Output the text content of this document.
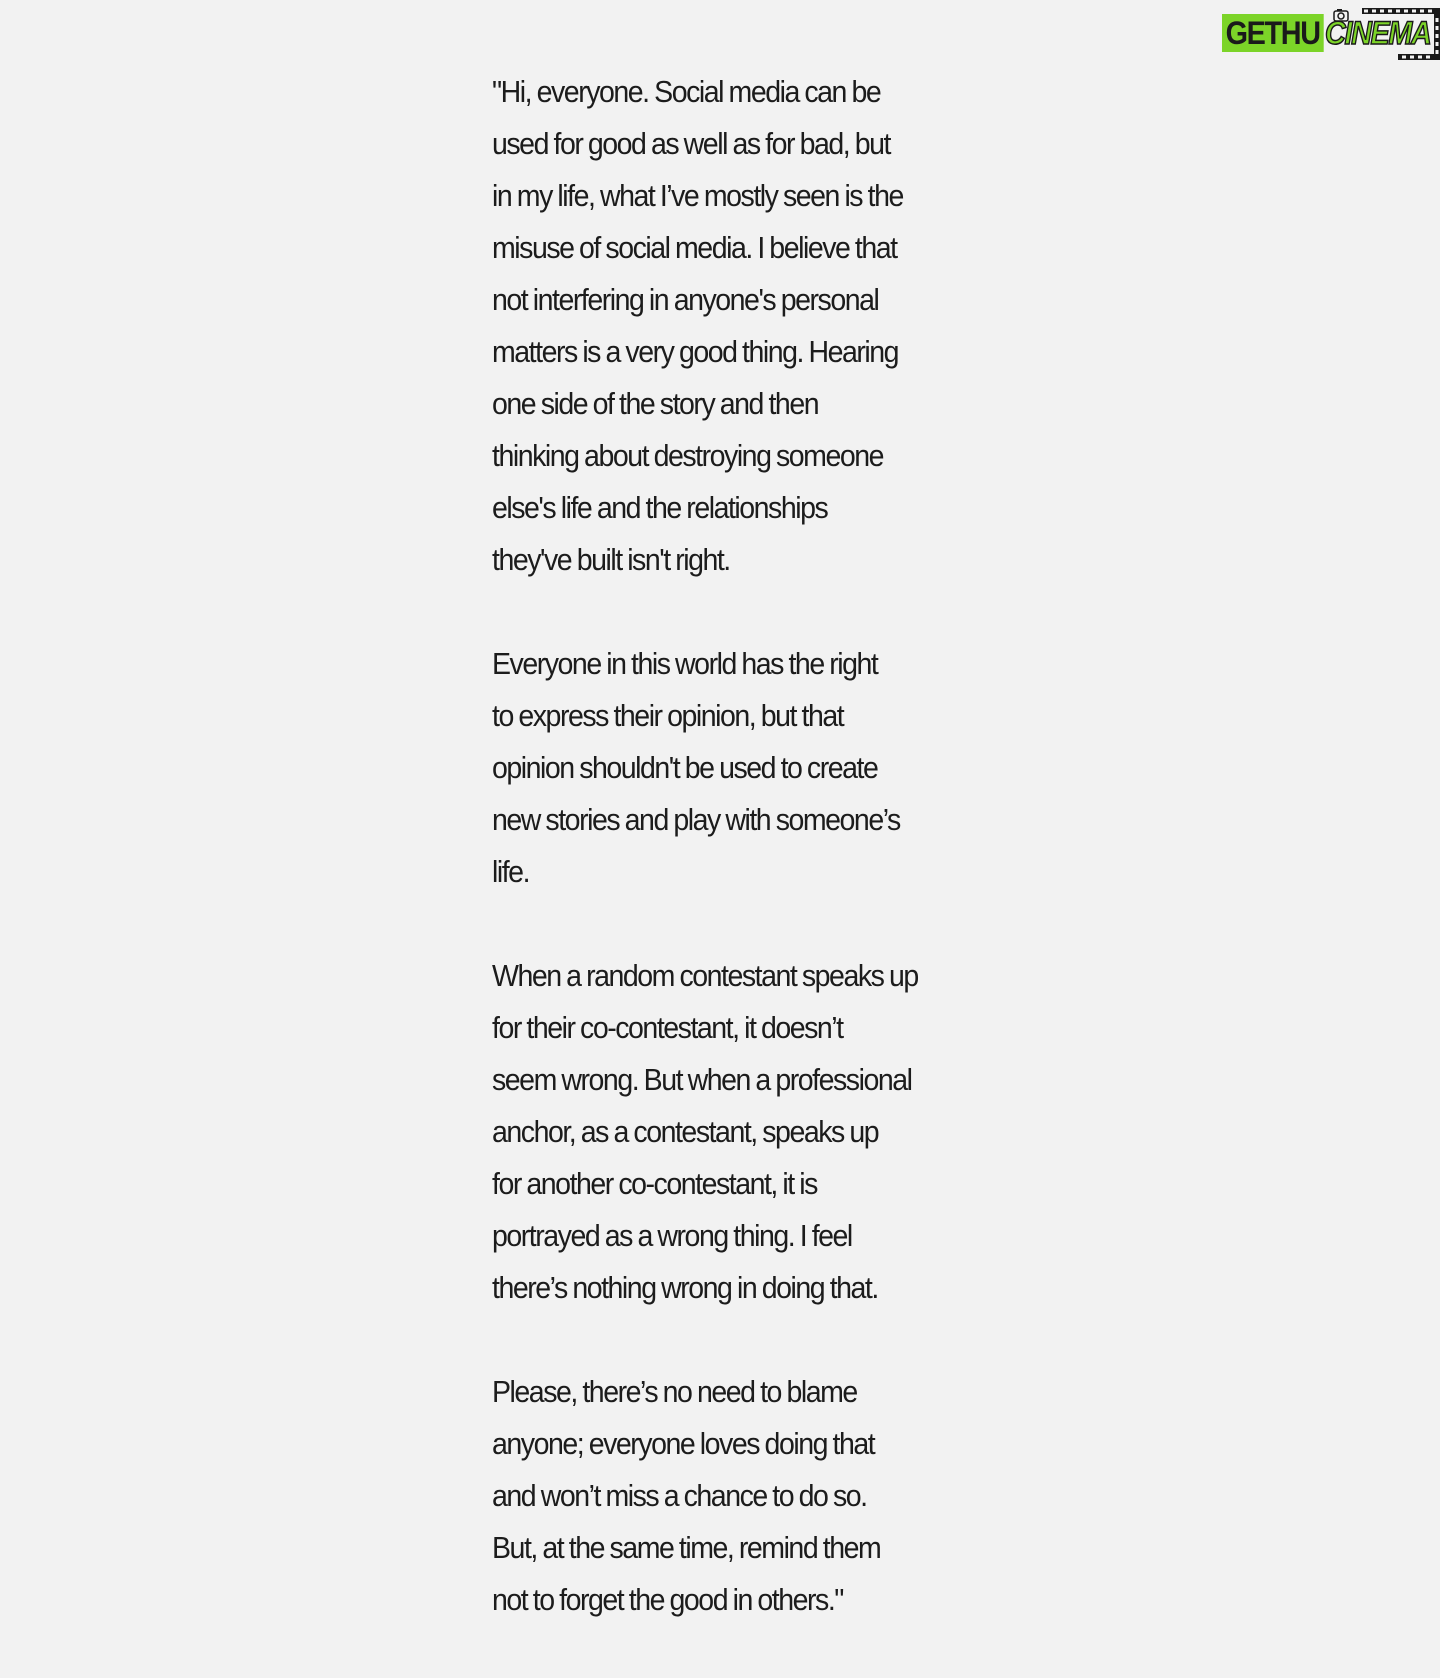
GETHU CINEMA

"Hi, everyone. Social media can be
used for good as well as for bad, but
in my life, what I’ve mostly seen is the
misuse of social media. I believe that
not interfering in anyone's personal
matters is a very good thing. Hearing
one side of the story and then
thinking about destroying someone
else's life and the relationships
they've built isn't right.

Everyone in this world has the right
to express their opinion, but that
opinion shouldn't be used to create
new stories and play with someone’s
life.

When a random contestant speaks up
for their co-contestant, it doesn’t
seem wrong. But when a professional
anchor, as a contestant, speaks up
for another co-contestant, it is
portrayed as a wrong thing. I feel
there’s nothing wrong in doing that.

Please, there’s no need to blame
anyone; everyone loves doing that
and won’t miss a chance to do so.
But, at the same time, remind them
not to forget the good in others."
